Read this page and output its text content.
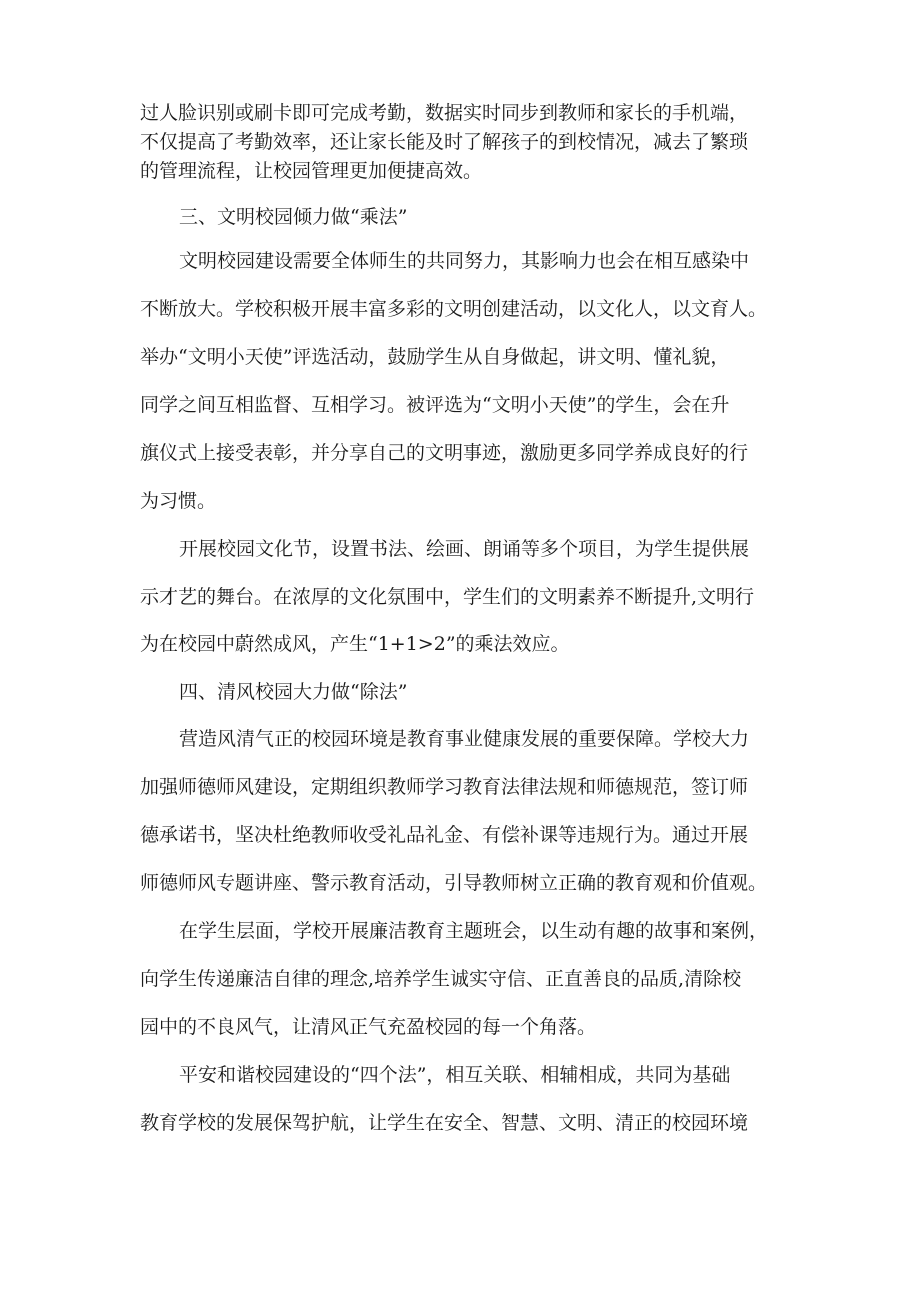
过人脸识别或刷卡即可完成考勤，数据实时同步到教师和家长的手机端，
不仅提高了考勤效率，还让家长能及时了解孩子的到校情况，减去了繁琐
的管理流程，让校园管理更加便捷高效。
三、文明校园倾力做“乘法”
文明校园建设需要全体师生的共同努力，其影响力也会在相互感染中
不断放大。学校积极开展丰富多彩的文明创建活动，以文化人，以文育人。
举办“文明小天使”评选活动，鼓励学生从自身做起，讲文明、懂礼貌，
同学之间互相监督、互相学习。被评选为“文明小天使”的学生，会在升
旗仪式上接受表彰，并分享自己的文明事迹，激励更多同学养成良好的行
为习惯。
开展校园文化节，设置书法、绘画、朗诵等多个项目，为学生提供展
示才艺的舞台。在浓厚的文化氛围中，学生们的文明素养不断提升,文明行
为在校园中蔚然成风，产生“1+1>2”的乘法效应。
四、清风校园大力做“除法”
营造风清气正的校园环境是教育事业健康发展的重要保障。学校大力
加强师德师风建设，定期组织教师学习教育法律法规和师德规范，签订师
德承诺书，坚决杜绝教师收受礼品礼金、有偿补课等违规行为。通过开展
师德师风专题讲座、警示教育活动，引导教师树立正确的教育观和价值观。
在学生层面，学校开展廉洁教育主题班会，以生动有趣的故事和案例，
向学生传递廉洁自律的理念,培养学生诚实守信、正直善良的品质,清除校
园中的不良风气，让清风正气充盈校园的每一个角落。
平安和谐校园建设的“四个法”，相互关联、相辅相成，共同为基础
教育学校的发展保驾护航，让学生在安全、智慧、文明、清正的校园环境
